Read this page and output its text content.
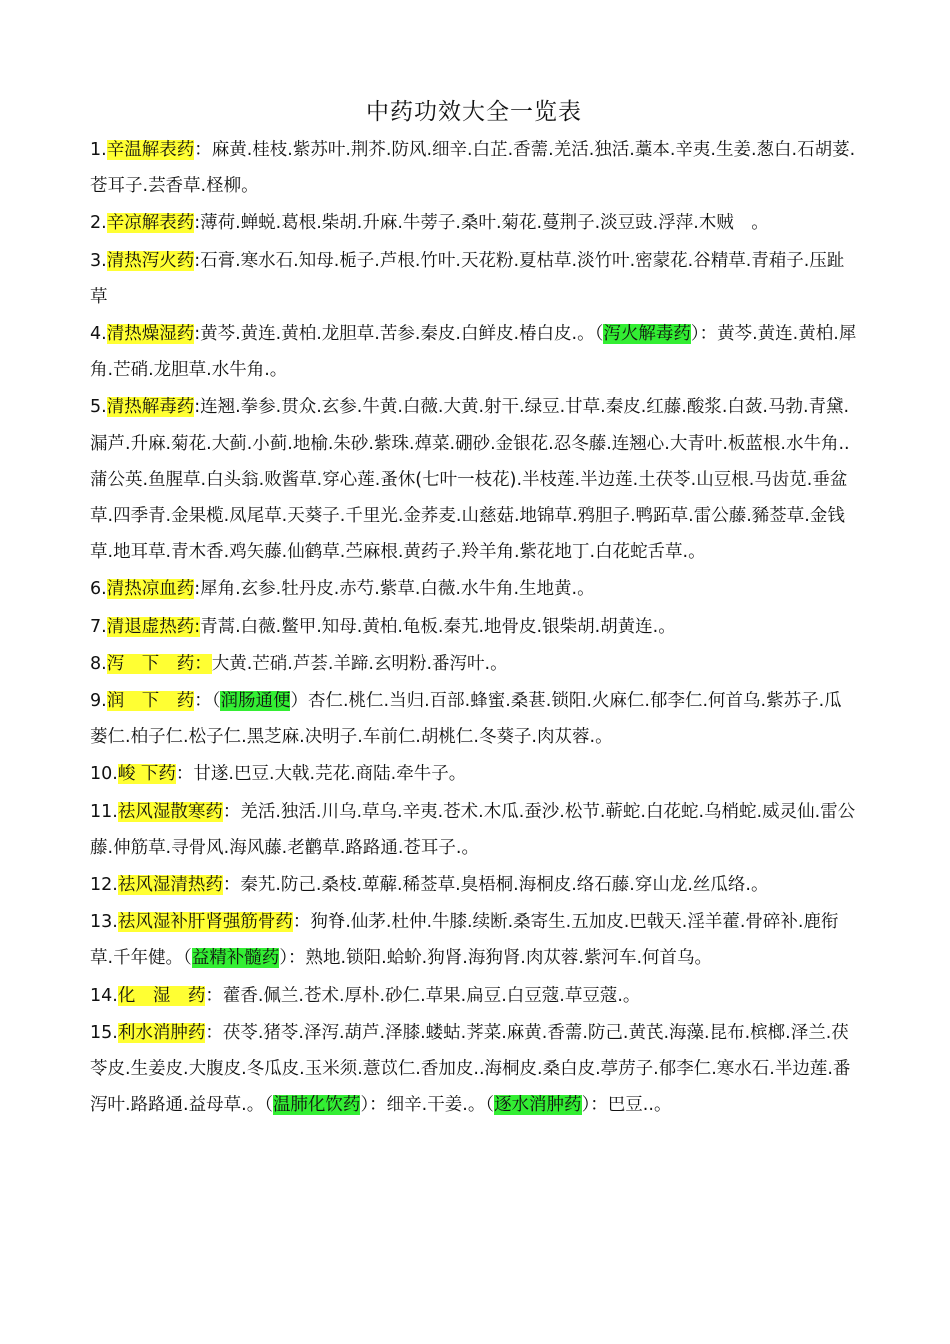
中药功效大全一览表
1.辛温解表药：麻黄.桂枝.紫苏叶.荆芥.防风.细辛.白芷.香薷.羌活.独活.藁本.辛夷.生姜.葱白.石胡荽.苍耳子.芸香草.柽柳。
2.辛凉解表药:薄荷.蝉蜕.葛根.柴胡.升麻.牛蒡子.桑叶.菊花.蔓荆子.淡豆豉.浮萍.木贼　。
3.清热泻火药:石膏.寒水石.知母.栀子.芦根.竹叶.天花粉.夏枯草.淡竹叶.密蒙花.谷精草.青葙子.压趾草
4.清热燥湿药:黄芩.黄连.黄柏.龙胆草.苦参.秦皮.白鲜皮.椿白皮.。（泻火解毒药）：黄芩.黄连.黄柏.犀角.芒硝.龙胆草.水牛角.。
5.清热解毒药:连翘.拳参.贯众.玄参.牛黄.白薇.大黄.射干.绿豆.甘草.秦皮.红藤.酸浆.白蔹.马勃.青黛.漏芦.升麻.菊花.大蓟.小蓟.地榆.朱砂.紫珠.蔊菜.硼砂.金银花.忍冬藤.连翘心.大青叶.板蓝根.水牛角..蒲公英.鱼腥草.白头翁.败酱草.穿心莲.蚤休(七叶一枝花).半枝莲.半边莲.土茯苓.山豆根.马齿苋.垂盆草.四季青.金果榄.凤尾草.天葵子.千里光.金荞麦.山慈菇.地锦草.鸦胆子.鸭跖草.雷公藤.豨莶草.金钱草.地耳草.青木香.鸡矢藤.仙鹤草.苎麻根.黄药子.羚羊角.紫花地丁.白花蛇舌草.。
6.清热凉血药:犀角.玄参.牡丹皮.赤芍.紫草.白薇.水牛角.生地黄.。
7.清退虚热药:青蒿.白薇.鳖甲.知母.黄柏.龟板.秦艽.地骨皮.银柴胡.胡黄连.。
8.泻　下　药：大黄.芒硝.芦荟.羊蹄.玄明粉.番泻叶.。
9.润　下　药：（润肠通便）杏仁.桃仁.当归.百部.蜂蜜.桑葚.锁阳.火麻仁.郁李仁.何首乌.紫苏子.瓜蒌仁.柏子仁.松子仁.黑芝麻.决明子.车前仁.胡桃仁.冬葵子.肉苁蓉.。
10.峻 下药：甘遂.巴豆.大戟.芫花.商陆.牵牛子。
11.祛风湿散寒药：羌活.独活.川乌.草乌.辛夷.苍术.木瓜.蚕沙.松节.蕲蛇.白花蛇.乌梢蛇.威灵仙.雷公藤.伸筋草.寻骨风.海风藤.老鹳草.路路通.苍耳子.。
12.祛风湿清热药：秦艽.防己.桑枝.萆薢.稀莶草.臭梧桐.海桐皮.络石藤.穿山龙.丝瓜络.。
13.祛风湿补肝肾强筋骨药：狗脊.仙茅.杜仲.牛膝.续断.桑寄生.五加皮.巴戟天.淫羊藿.骨碎补.鹿衔草.千年健。（益精补髓药）：熟地.锁阳.蛤蚧.狗肾.海狗肾.肉苁蓉.紫河车.何首乌。
14.化　湿　药：藿香.佩兰.苍术.厚朴.砂仁.草果.扁豆.白豆蔻.草豆蔻.。
15.利水消肿药：茯苓.猪苓.泽泻.葫芦.泽膝.蝼蛄.荠菜.麻黄.香薷.防己.黄芪.海藻.昆布.槟榔.泽兰.茯苓皮.生姜皮.大腹皮.冬瓜皮.玉米须.薏苡仁.香加皮..海桐皮.桑白皮.葶苈子.郁李仁.寒水石.半边莲.番泻叶.路路通.益母草.。（温肺化饮药）：细辛.干姜.。（逐水消肿药）：巴豆..。
